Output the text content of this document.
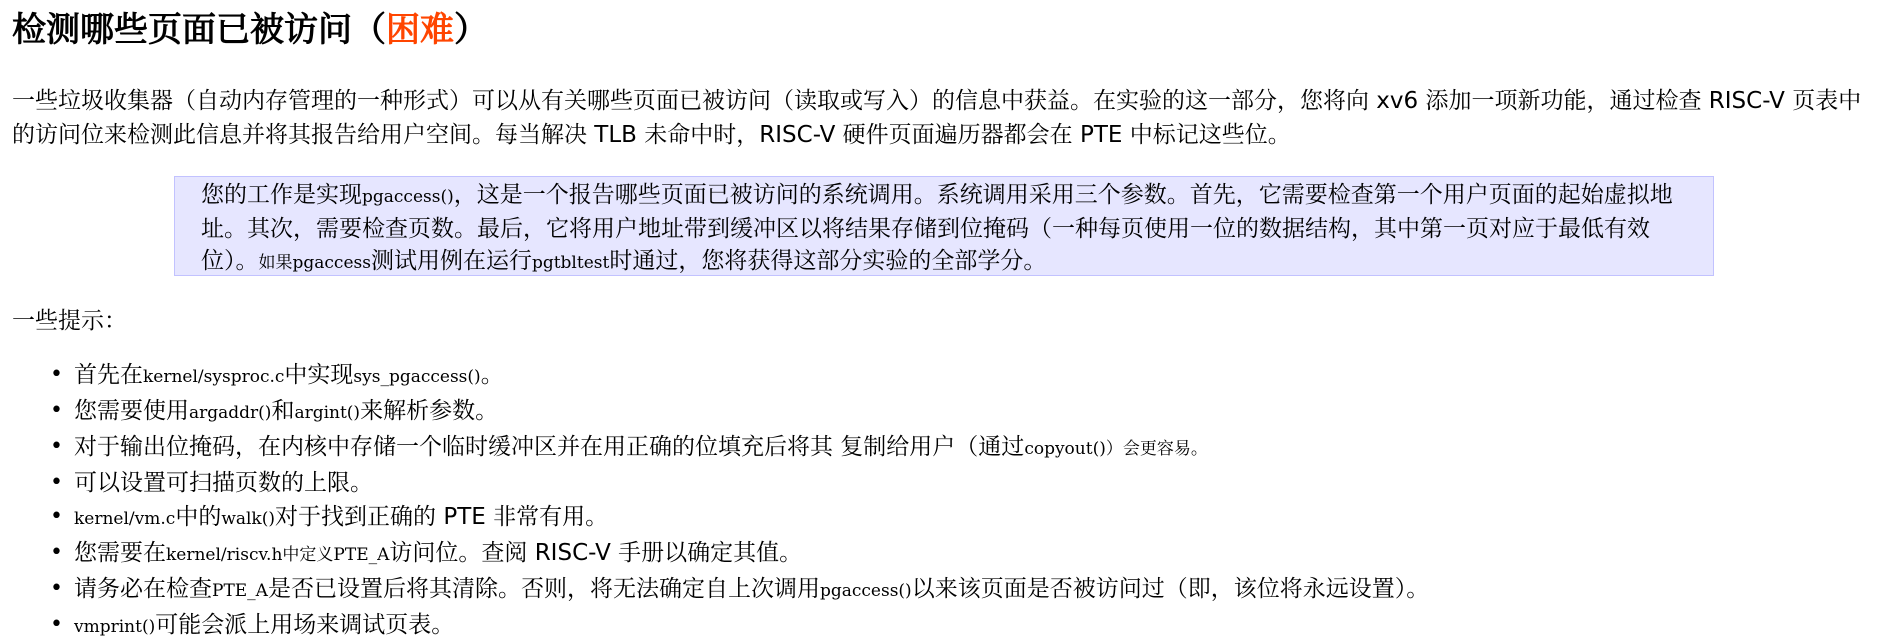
检测哪些页面已被访问（困难）

一些垃圾收集器（自动内存管理的一种形式）可以从有关哪些页面已被访问（读取或写入）的信息中获益。在实验的这一部分，您将向 xv6 添加一项新功能，通过检查 RISC-V 页表中的访问位来检测此信息并将其报告给用户空间。每当解决 TLB 未命中时，RISC-V 硬件页面遍历器都会在 PTE 中标记这些位。

您的工作是实现pgaccess()，这是一个报告哪些页面已被访问的系统调用。系统调用采用三个参数。首先，它需要检查第一个用户页面的起始虚拟地址。其次，需要检查页数。最后，它将用户地址带到缓冲区以将结果存储到位掩码（一种每页使用一位的数据结构，其中第一页对应于最低有效位）。如果pgaccess测试用例在运行pgtbltest时通过，您将获得这部分实验的全部学分。

一些提示：

• 首先在kernel/sysproc.c中实现sys_pgaccess()。
• 您需要使用argaddr()和argint()来解析参数。
• 对于输出位掩码，在内核中存储一个临时缓冲区并在用正确的位填充后将其 复制给用户（通过copyout()）会更容易。
• 可以设置可扫描页数的上限。
• kernel/vm.c中的walk()对于找到正确的 PTE 非常有用。
• 您需要在kernel/riscv.h中定义PTE_A访问位。查阅 RISC-V 手册以确定其值。
• 请务必在检查PTE_A是否已设置后将其清除。否则，将无法确定自上次调用pgaccess()以来该页面是否被访问过（即，该位将永远设置）。
• vmprint()可能会派上用场来调试页表。
